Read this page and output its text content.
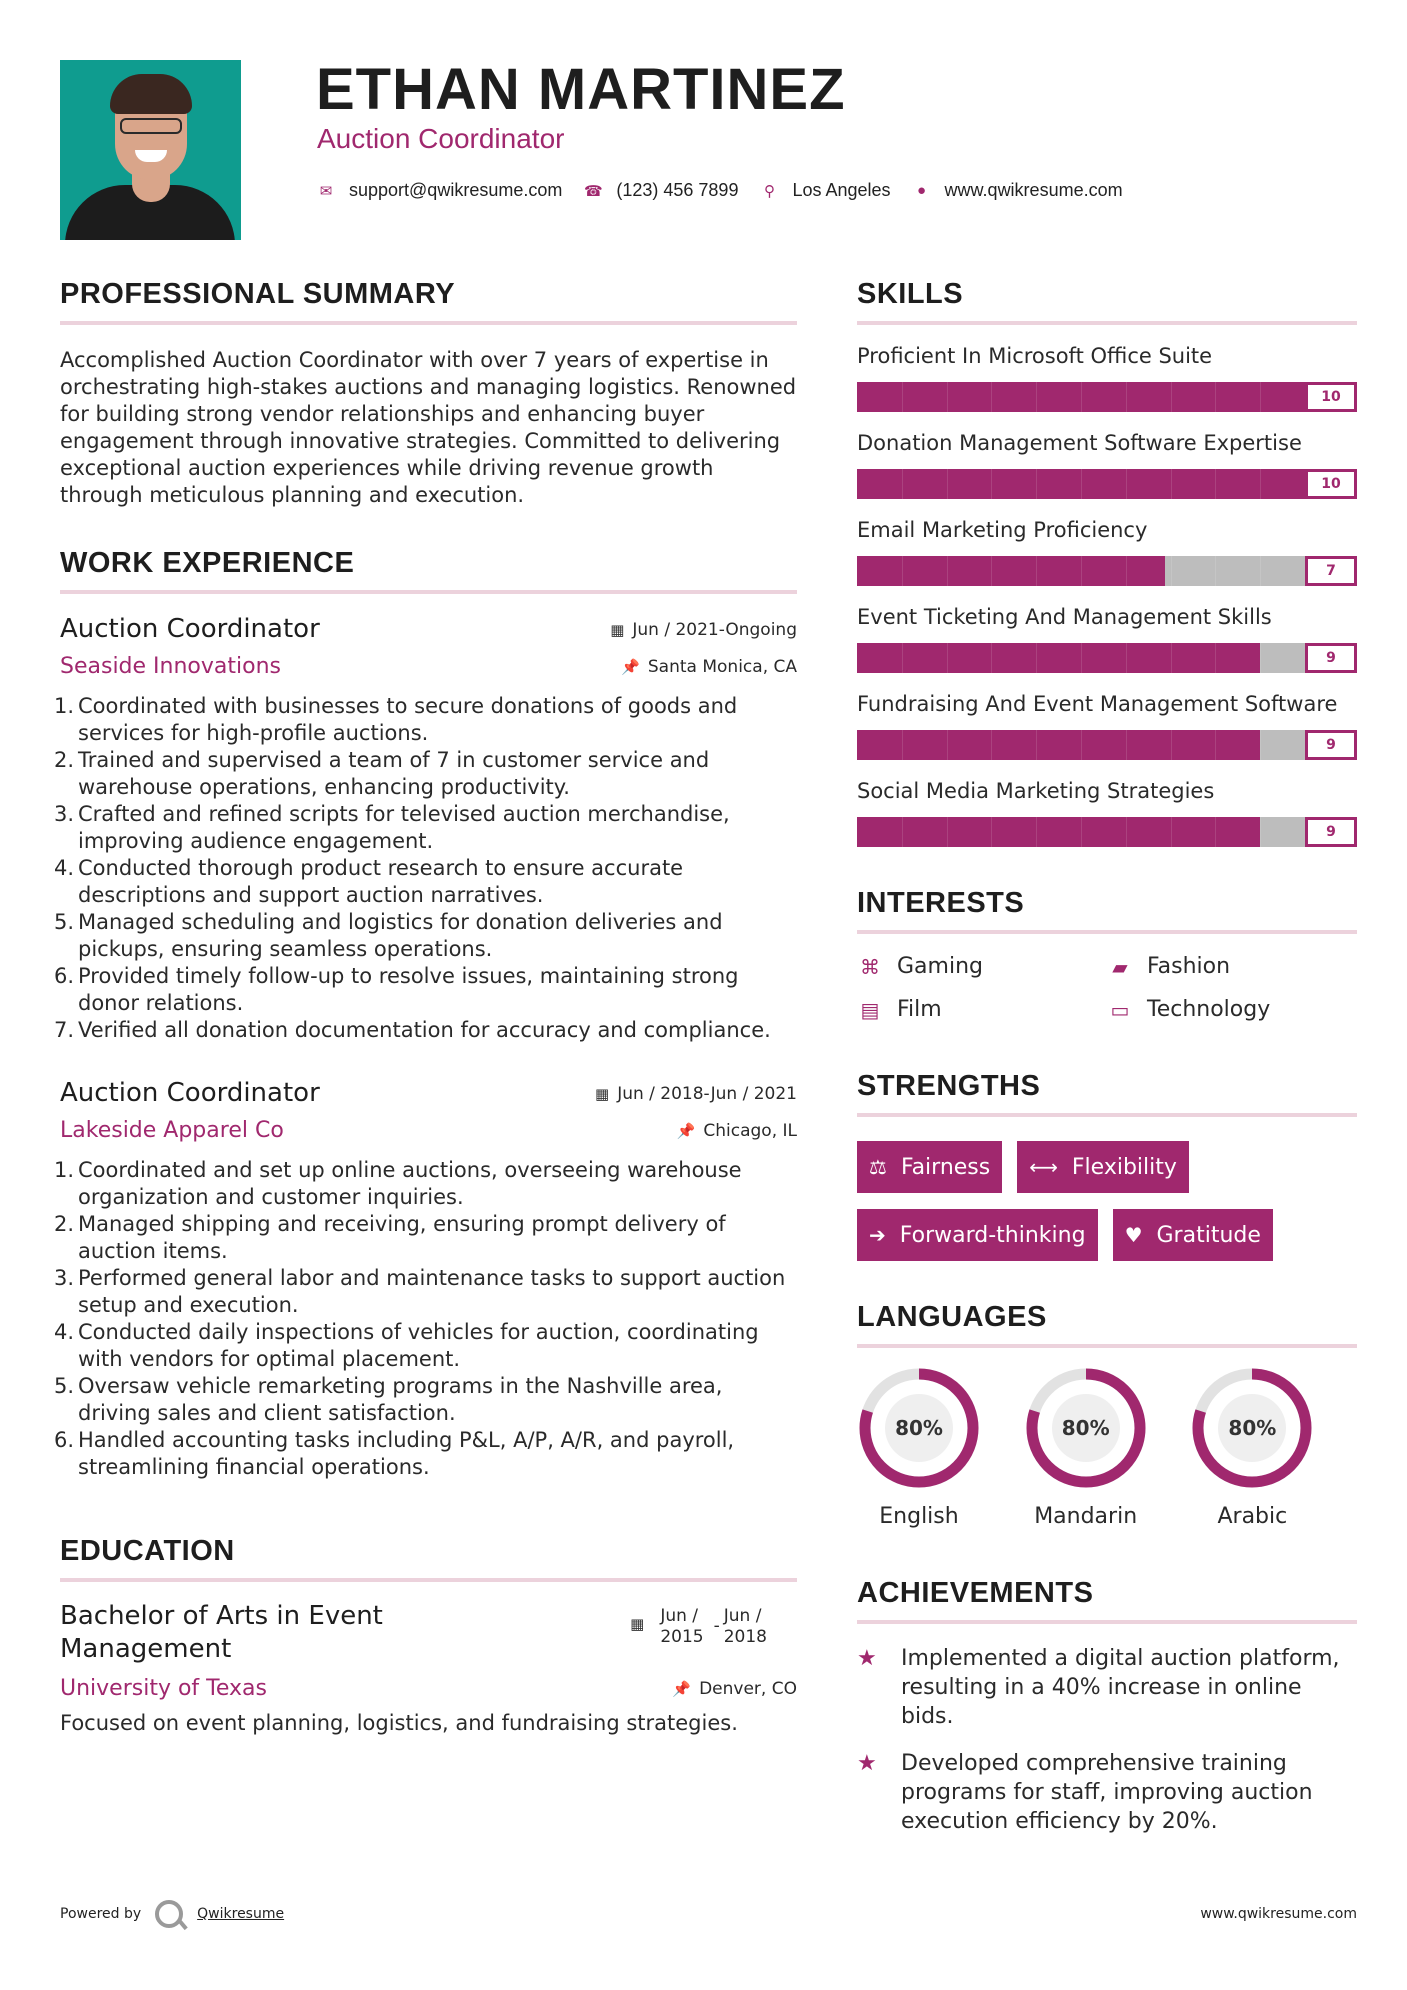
ETHAN MARTINEZ
Auction Coordinator
✉ support@qwikresume.com ☎ (123) 456 7899 ⚲ Los Angeles ● www.qwikresume.com
PROFESSIONAL SUMMARY

Accomplished Auction Coordinator with over 7 years of expertise in orchestrating high-stakes auctions and managing logistics. Renowned for building strong vendor relationships and enhancing buyer engagement through innovative strategies. Committed to delivering exceptional auction experiences while driving revenue growth through meticulous planning and execution.

WORK EXPERIENCE
Auction Coordinator	▦ Jun / 2021-Ongoing
Seaside Innovations	📌 Santa Monica, CA
Coordinated with businesses to secure donations of goods and services for high-profile auctions.
Trained and supervised a team of 7 in customer service and warehouse operations, enhancing productivity.
Crafted and refined scripts for televised auction merchandise, improving audience engagement.
Conducted thorough product research to ensure accurate descriptions and support auction narratives.
Managed scheduling and logistics for donation deliveries and pickups, ensuring seamless operations.
Provided timely follow-up to resolve issues, maintaining strong donor relations.
Verified all donation documentation for accuracy and compliance.
Auction Coordinator	▦ Jun / 2018-Jun / 2021
Lakeside Apparel Co	📌 Chicago, IL
Coordinated and set up online auctions, overseeing warehouse organization and customer inquiries.
Managed shipping and receiving, ensuring prompt delivery of auction items.
Performed general labor and maintenance tasks to support auction setup and execution.
Conducted daily inspections of vehicles for auction, coordinating with vendors for optimal placement.
Oversaw vehicle remarketing programs in the Nashville area, driving sales and client satisfaction.
Handled accounting tasks including P&L, A/P, A/R, and payroll, streamlining financial operations.
EDUCATION
Bachelor of Arts in Event Management
▦ Jun /
2015
- Jun /
2018
University of Texas	📌 Denver, CO
Focused on event planning, logistics, and fundraising strategies.
SKILLS
Proficient In Microsoft Office Suite
10
Donation Management Software Expertise
10
Email Marketing Proficiency
7
Event Ticketing And Management Skills
9
Fundraising And Event Management Software
9
Social Media Marketing Strategies
9
INTERESTS
⌘ Gaming	▰ Fashion
▤ Film	▭ Technology
STRENGTHS
⚖ Fairness ⟷ Flexibility
➔ Forward-thinking ♥ Gratitude
LANGUAGES
80%
English
80%
Mandarin
80%
Arabic
ACHIEVEMENTS
★	Implemented a digital auction platform, resulting in a 40% increase in online bids.
★	Developed comprehensive training programs for staff, improving auction execution efficiency by 20%.
Powered by	Qwikresume	www.qwikresume.com
